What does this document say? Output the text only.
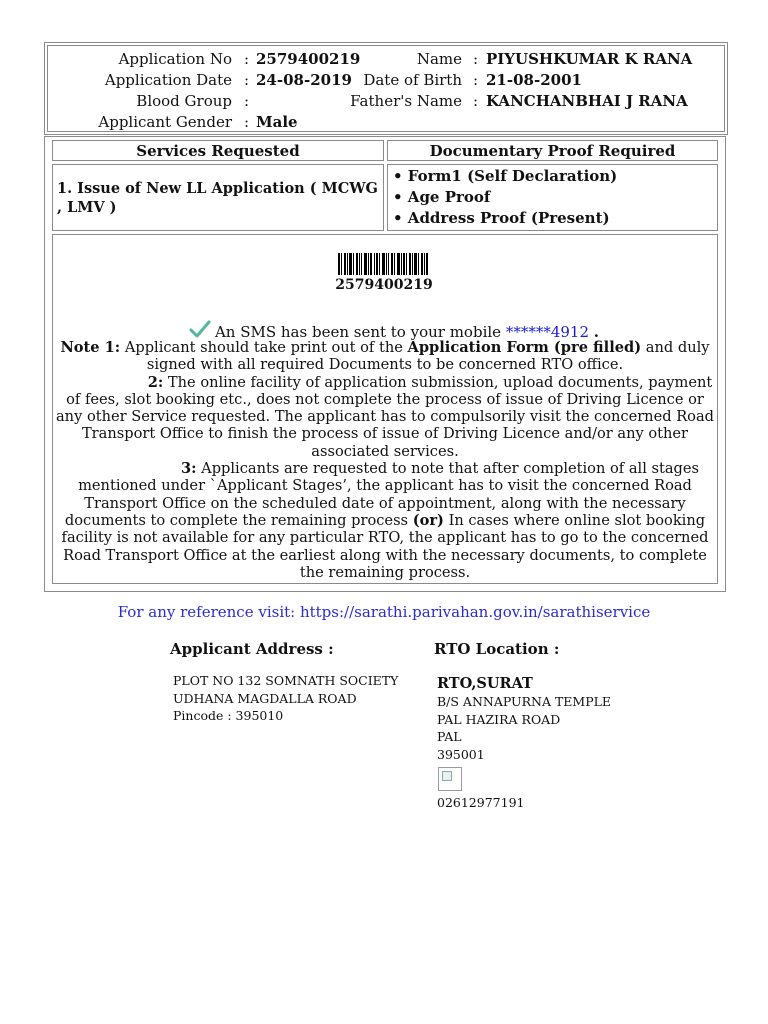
Application No : 2579400219
Application Date : 24-08-2019
Blood Group :
Applicant Gender : Male
Name : PIYUSHKUMAR K RANA
Date of Birth : 21-08-2001
Father's Name : KANCHANBHAI J RANA
Services Requested	Documentary Proof Required
1. Issue of New LL Application ( MCWG , LMV )
• Form1 (Self Declaration)
• Age Proof
• Address Proof (Present)
2579400219
An SMS has been sent to your mobile ******4912 .
Note 1: Applicant should take print out of the Application Form (pre filled) and duly signed with all required Documents to be concerned RTO office.
2: The online facility of application submission, upload documents, payment of fees, slot booking etc., does not complete the process of issue of Driving Licence or any other Service requested. The applicant has to compulsorily visit the concerned Road Transport Office to finish the process of issue of Driving Licence and/or any other associated services.
3: Applicants are requested to note that after completion of all stages mentioned under `Applicant Stages’, the applicant has to visit the concerned Road Transport Office on the scheduled date of appointment, along with the necessary documents to complete the remaining process (or) In cases where online slot booking facility is not available for any particular RTO, the applicant has to go to the concerned Road Transport Office at the earliest along with the necessary documents, to complete the remaining process.
For any reference visit: https://sarathi.parivahan.gov.in/sarathiservice
Applicant Address :	RTO Location :
PLOT NO 132 SOMNATH SOCIETY
UDHANA MAGDALLA ROAD
Pincode : 395010
RTO,SURAT
B/S ANNAPURNA TEMPLE
PAL HAZIRA ROAD
PAL
395001
02612977191
